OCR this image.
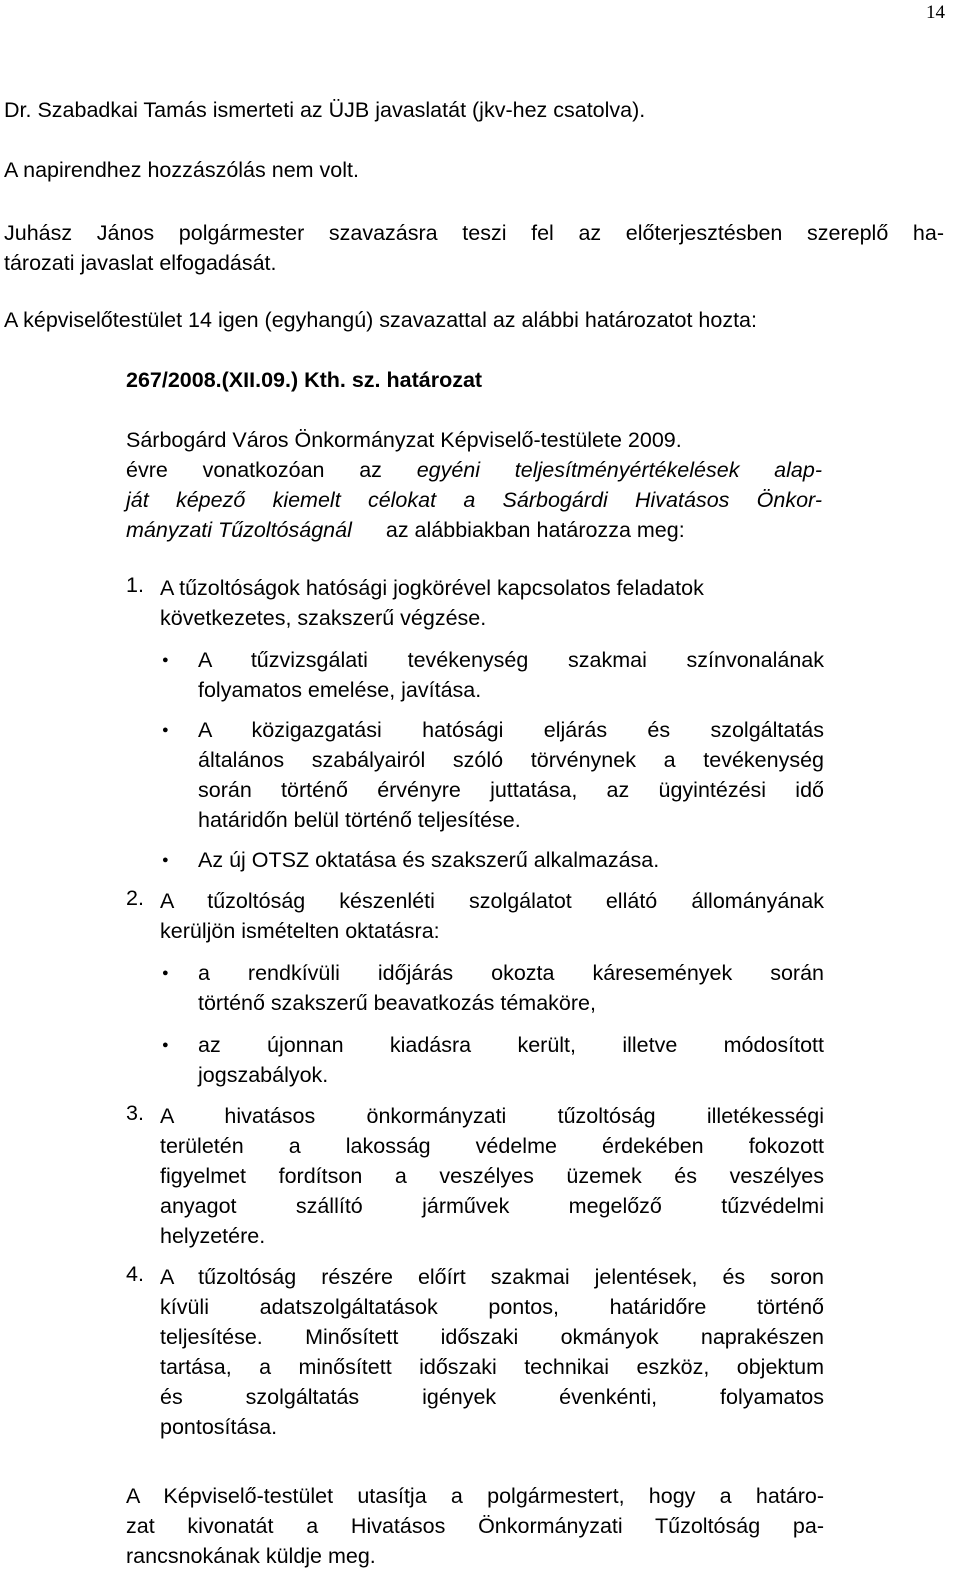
14
Dr. Szabadkai Tamás ismerteti az ÜJB javaslatát (jkv-hez csatolva).
A napirendhez hozzászólás nem volt.
Juhász János polgármester szavazásra teszi fel az előterjesztésben szereplő ha-
tározati javaslat elfogadását.
A képviselőtestület 14 igen (egyhangú) szavazattal az alábbi határozatot hozta:
267/2008.(XII.09.) Kth. sz. határozat
Sárbogárd Város Önkormányzat Képviselő-testülete 2009.
évre vonatkozóan az egyéni teljesítményértékelések alap-
ját képező kiemelt célokat a Sárbogárdi Hivatásos Önkor-
mányzati Tűzoltóságnál az alábbiakban határozza meg:
1. A tűzoltóságok hatósági jogkörével kapcsolatos feladatok
következetes, szakszerű végzése.
● A tűzvizsgálati tevékenység szakmai színvonalának
folyamatos emelése, javítása.
● A közigazgatási hatósági eljárás és szolgáltatás
általános szabályairól szóló törvénynek a tevékenység
során történő érvényre juttatása, az ügyintézési idő
határidőn belül történő teljesítése.
● Az új OTSZ oktatása és szakszerű alkalmazása.
2. A tűzoltóság készenléti szolgálatot ellátó állományának
kerüljön ismételten oktatásra:
● a rendkívüli időjárás okozta káresemények során
történő szakszerű beavatkozás témaköre,
● az újonnan kiadásra került, illetve módosított
jogszabályok.
3. A hivatásos önkormányzati tűzoltóság illetékességi
területén a lakosság védelme érdekében fokozott
figyelmet fordítson a veszélyes üzemek és veszélyes
anyagot szállító járművek megelőző tűzvédelmi
helyzetére.
4. A tűzoltóság részére előírt szakmai jelentések, és soron
kívüli adatszolgáltatások pontos, határidőre történő
teljesítése. Minősített időszaki okmányok naprakészen
tartása, a minősített időszaki technikai eszköz, objektum
és szolgáltatás igények évenkénti, folyamatos
pontosítása.
A Képviselő-testület utasítja a polgármestert, hogy a határo-
zat kivonatát a Hivatásos Önkormányzati Tűzoltóság pa-
rancsnokának küldje meg.
